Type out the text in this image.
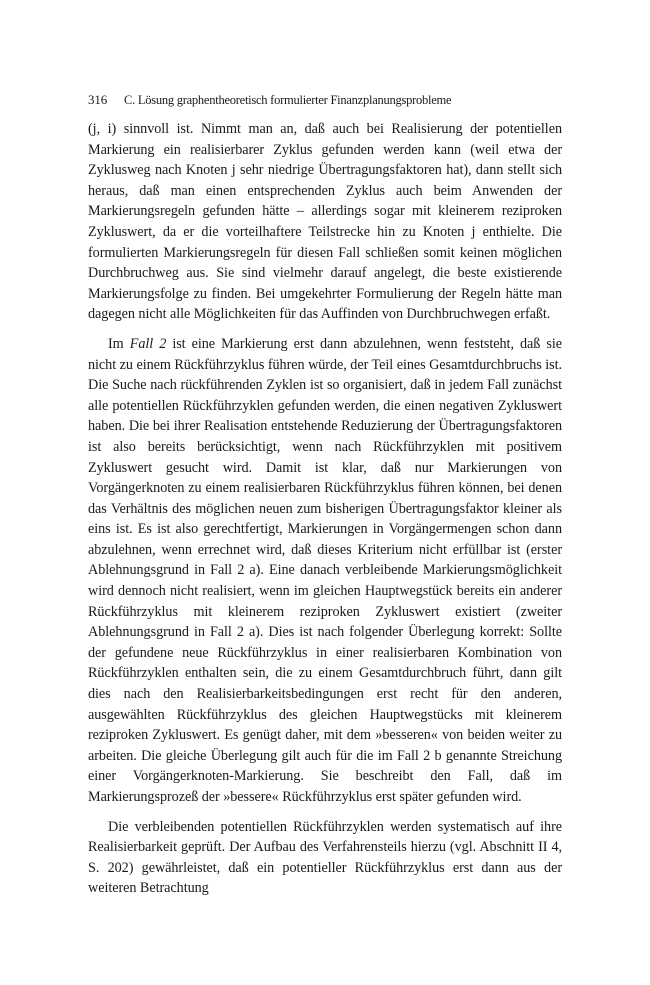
316	C. Lösung graphentheoretisch formulierter Finanzplanungsprobleme

(j, i) sinnvoll ist. Nimmt man an, daß auch bei Realisierung der potentiellen Markierung ein realisierbarer Zyklus gefunden werden kann (weil etwa der Zyklusweg nach Knoten j sehr niedrige Übertragungsfaktoren hat), dann stellt sich heraus, daß man einen entsprechenden Zyklus auch beim Anwenden der Markierungsregeln gefunden hätte – allerdings sogar mit kleinerem reziproken Zykluswert, da er die vorteilhaftere Teilstrecke hin zu Knoten j enthielte. Die formulierten Markierungsregeln für diesen Fall schließen somit keinen möglichen Durchbruchweg aus. Sie sind vielmehr darauf angelegt, die beste existierende Markierungsfolge zu finden. Bei umgekehrter Formulierung der Regeln hätte man dagegen nicht alle Möglichkeiten für das Auffinden von Durchbruchwegen erfaßt.

Im Fall 2 ist eine Markierung erst dann abzulehnen, wenn feststeht, daß sie nicht zu einem Rückführzyklus führen würde, der Teil eines Gesamtdurchbruchs ist. Die Suche nach rückführenden Zyklen ist so organisiert, daß in jedem Fall zunächst alle potentiellen Rückführzyklen gefunden werden, die einen negativen Zykluswert haben. Die bei ihrer Realisation entstehende Reduzierung der Übertragungsfaktoren ist also bereits berücksichtigt, wenn nach Rückführzyklen mit positivem Zykluswert gesucht wird. Damit ist klar, daß nur Markierungen von Vorgängerknoten zu einem realisierbaren Rückführzyklus führen können, bei denen das Verhältnis des möglichen neuen zum bisherigen Übertragungsfaktor kleiner als eins ist. Es ist also gerechtfertigt, Markierungen in Vorgängermengen schon dann abzulehnen, wenn errechnet wird, daß dieses Kriterium nicht erfüllbar ist (erster Ablehnungsgrund in Fall 2 a). Eine danach verbleibende Markierungsmöglichkeit wird dennoch nicht realisiert, wenn im gleichen Hauptwegstück bereits ein anderer Rückführzyklus mit kleinerem reziproken Zykluswert existiert (zweiter Ablehnungsgrund in Fall 2 a). Dies ist nach folgender Überlegung korrekt: Sollte der gefundene neue Rückführzyklus in einer realisierbaren Kombination von Rückführzyklen enthalten sein, die zu einem Gesamtdurchbruch führt, dann gilt dies nach den Realisierbarkeitsbedingungen erst recht für den anderen, ausgewählten Rückführzyklus des gleichen Hauptwegstücks mit kleinerem reziproken Zykluswert. Es genügt daher, mit dem »besseren« von beiden weiter zu arbeiten. Die gleiche Überlegung gilt auch für die im Fall 2 b genannte Streichung einer Vorgängerknoten-Markierung. Sie beschreibt den Fall, daß im Markierungsprozeß der »bessere« Rückführzyklus erst später gefunden wird.

Die verbleibenden potentiellen Rückführzyklen werden systematisch auf ihre Realisierbarkeit geprüft. Der Aufbau des Verfahrensteils hierzu (vgl. Abschnitt II 4, S. 202) gewährleistet, daß ein potentieller Rückführzyklus erst dann aus der weiteren Betrachtung
